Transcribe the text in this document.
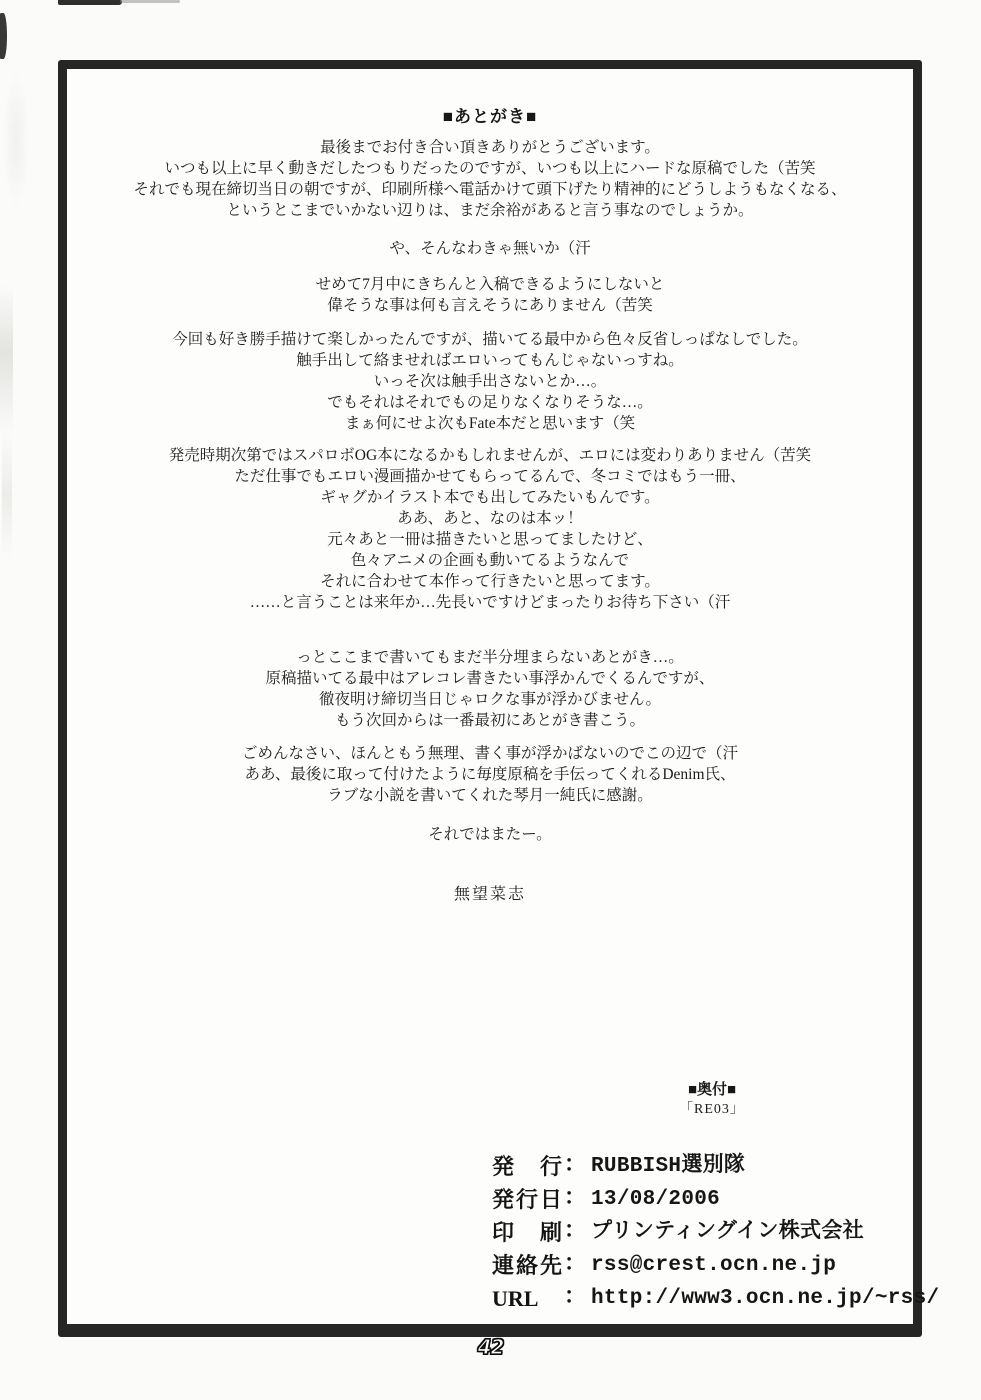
■あとがき■
最後までお付き合い頂きありがとうございます。
いつも以上に早く動きだしたつもりだったのですが、いつも以上にハードな原稿でした（苦笑
それでも現在締切当日の朝ですが、印刷所様へ電話かけて頭下げたり精神的にどうしようもなくなる、
というとこまでいかない辺りは、まだ余裕があると言う事なのでしょうか。
や、そんなわきゃ無いか（汗
せめて7月中にきちんと入稿できるようにしないと
偉そうな事は何も言えそうにありません（苦笑
今回も好き勝手描けて楽しかったんですが、描いてる最中から色々反省しっぱなしでした。
触手出して絡ませればエロいってもんじゃないっすね。
いっそ次は触手出さないとか…。
でもそれはそれでもの足りなくなりそうな…。
まぁ何にせよ次もFate本だと思います（笑
発売時期次第ではスパロボOG本になるかもしれませんが、エロには変わりありません（苦笑
ただ仕事でもエロい漫画描かせてもらってるんで、冬コミではもう一冊、
ギャグかイラスト本でも出してみたいもんです。
ああ、あと、なのは本ッ！
元々あと一冊は描きたいと思ってましたけど、
色々アニメの企画も動いてるようなんで
それに合わせて本作って行きたいと思ってます。
……と言うことは来年か…先長いですけどまったりお待ち下さい（汗
っとここまで書いてもまだ半分埋まらないあとがき…。
原稿描いてる最中はアレコレ書きたい事浮かんでくるんですが、
徹夜明け締切当日じゃロクな事が浮かびません。
もう次回からは一番最初にあとがき書こう。
ごめんなさい、ほんともう無理、書く事が浮かばないのでこの辺で（汗
ああ、最後に取って付けたように毎度原稿を手伝ってくれるDenim氏、
ラブな小説を書いてくれた琴月一純氏に感謝。
それではまたー。
無望菜志
■奥付■
「RE03」
発行： RUBBISH選別隊
発行日： 13/08/2006
印刷： プリンティングイン株式会社
連絡先： rss@crest.ocn.ne.jp
URL ： http://www3.ocn.ne.jp/~rss/
42
